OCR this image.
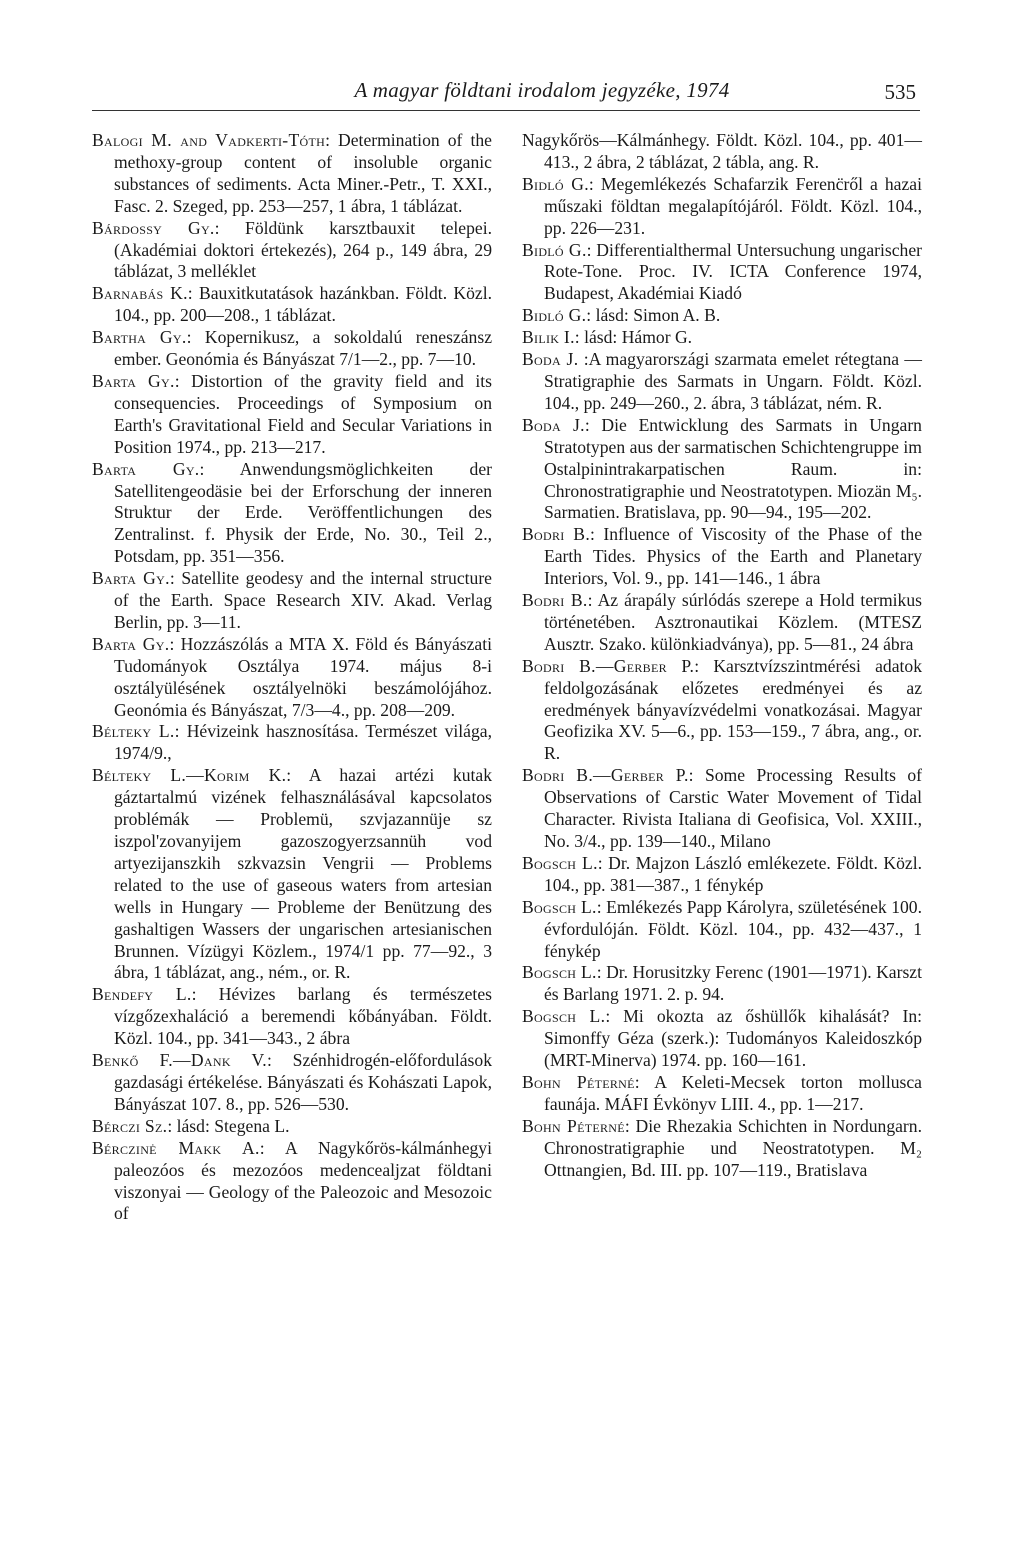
A magyar földtani irodalom jegyzéke, 1974	535

Balogi M. and Vadkerti-Tóth: Determination of the methoxy-group content of insoluble organic substances of sediments. Acta Miner.-Petr., T. XXI., Fasc. 2. Szeged, pp. 253—257, 1 ábra, 1 táblázat.

Bárdossy Gy.: Földünk karsztbauxit telepei. (Akadémiai doktori értekezés), 264 p., 149 ábra, 29 táblázat, 3 melléklet

Barnabás K.: Bauxitkutatások hazánkban. Földt. Közl. 104., pp. 200—208., 1 táblázat.

Bartha Gy.: Kopernikusz, a sokoldalú reneszánsz ember. Geonómia és Bányászat 7/1—2., pp. 7—10.

Barta Gy.: Distortion of the gravity field and its consequencies. Proceedings of Symposium on Earth's Gravitational Field and Secular Variations in Position 1974., pp. 213—217.

Barta Gy.: Anwendungsmöglichkeiten der Satellitengeodäsie bei der Erforschung der inneren Struktur der Erde. Veröffentlichungen des Zentralinst. f. Physik der Erde, No. 30., Teil 2., Potsdam, pp. 351—356.

Barta Gy.: Satellite geodesy and the internal structure of the Earth. Space Research XIV. Akad. Verlag Berlin, pp. 3—11.

Barta Gy.: Hozzászólás a MTA X. Föld és Bányászati Tudományok Osztálya 1974. május 8-i osztályülésének osztályelnöki beszámolójához. Geonómia és Bányászat, 7/3—4., pp. 208—209.

Bélteky L.: Hévizeink hasznosítása. Természet világa, 1974/9.,

Bélteky L.—Korim K.: A hazai artézi kutak gáztartalmú vizének felhasználásával kapcsolatos problémák — Problemü, szvjazannüje sz iszpol'zovanyijem gazoszogyerzsannüh vod artyezijanszkih szkvazsin Vengrii — Problems related to the use of gaseous waters from artesian wells in Hungary — Probleme der Benützung des gashaltigen Wassers der ungarischen artesianischen Brunnen. Vízügyi Közlem., 1974/1 pp. 77—92., 3 ábra, 1 táblázat, ang., ném., or. R.

Bendefy L.: Hévizes barlang és természetes vízgőzexhaláció a beremendi kőbányában. Földt. Közl. 104., pp. 341—343., 2 ábra

Benkő F.—Dank V.: Szénhidrogén-előfordulások gazdasági értékelése. Bányászati és Kohászati Lapok, Bányászat 107. 8., pp. 526—530.

Bérczi Sz.: lásd: Stegena L.

Bérczinė Makk A.: A Nagykőrös-kálmánhegyi paleozóos és mezozóos medencealjzat földtani viszonyai — Geology of the Paleozoic and Mesozoic of

Nagykőrös—Kálmánhegy. Földt. Közl. 104., pp. 401—413., 2 ábra, 2 táblázat, 2 tábla, ang. R.

Bidló G.: Megemlékezés Schafarzik Ferenc̈ről a hazai műszaki földtan megalapítójáról. Földt. Közl. 104., pp. 226—231.

Bidló G.: Differentialthermal Untersuchung ungarischer Rote-Tone. Proc. IV. ICTA Conference 1974, Budapest, Akadémiai Kiadó

Bidló G.: lásd: Simon A. B.

Bilik I.: lásd: Hámor G.

Boda J. :A magyarországi szarmata emelet rétegtana — Stratigraphie des Sarmats in Ungarn. Földt. Közl. 104., pp. 249—260., 2. ábra, 3 táblázat, ném. R.

Boda J.: Die Entwicklung des Sarmats in Ungarn Stratotypen aus der sarmatischen Schichtengruppe im Ostalpinintrakarpatischen Raum. in: Chronostratigraphie und Neostratotypen. Miozän M₅. Sarmatien. Bratislava, pp. 90—94., 195—202.

Bodri B.: Influence of Viscosity of the Phase of the Earth Tides. Physics of the Earth and Planetary Interiors, Vol. 9., pp. 141—146., 1 ábra

Bodri B.: Az árapály súrlódás szerepe a Hold termikus történetében. Asztronautikai Közlem. (MTESZ Ausztr. Szako. különkiadványa), pp. 5—81., 24 ábra

Bodri B.—Gerber P.: Karsztvízszintmérési adatok feldolgozásának előzetes eredményei és az eredmények bányavízvédelmi vonatkozásai. Magyar Geofizika XV. 5—6., pp. 153—159., 7 ábra, ang., or. R.

Bodri B.—Gerber P.: Some Processing Results of Observations of Carstic Water Movement of Tidal Character. Rivista Italiana di Geofisica, Vol. XXIII., No. 3/4., pp. 139—140., Milano

Bogsch L.: Dr. Majzon László emlékezete. Földt. Közl. 104., pp. 381—387., 1 fénykép

Bogsch L.: Emlékezés Papp Károlyra, születésének 100. évfordulóján. Földt. Közl. 104., pp. 432—437., 1 fénykép

Bogsch L.: Dr. Horusitzky Ferenc (1901—1971). Karszt és Barlang 1971. 2. p. 94.

Bogsch L.: Mi okozta az őshüllők kihalását? In: Simonffy Géza (szerk.): Tudományos Kaleidoszkóp (MRT-Minerva) 1974. pp. 160—161.

Bohn Péterné: A Keleti-Mecsek torton mollusca faunája. MÁFI Évkönyv LIII. 4., pp. 1—217.

Bohn Péterné: Die Rhezakia Schichten in Nordungarn. Chronostratigraphie und Neostratotypen. M₂ Ottnangien, Bd. III. pp. 107—119., Bratislava
